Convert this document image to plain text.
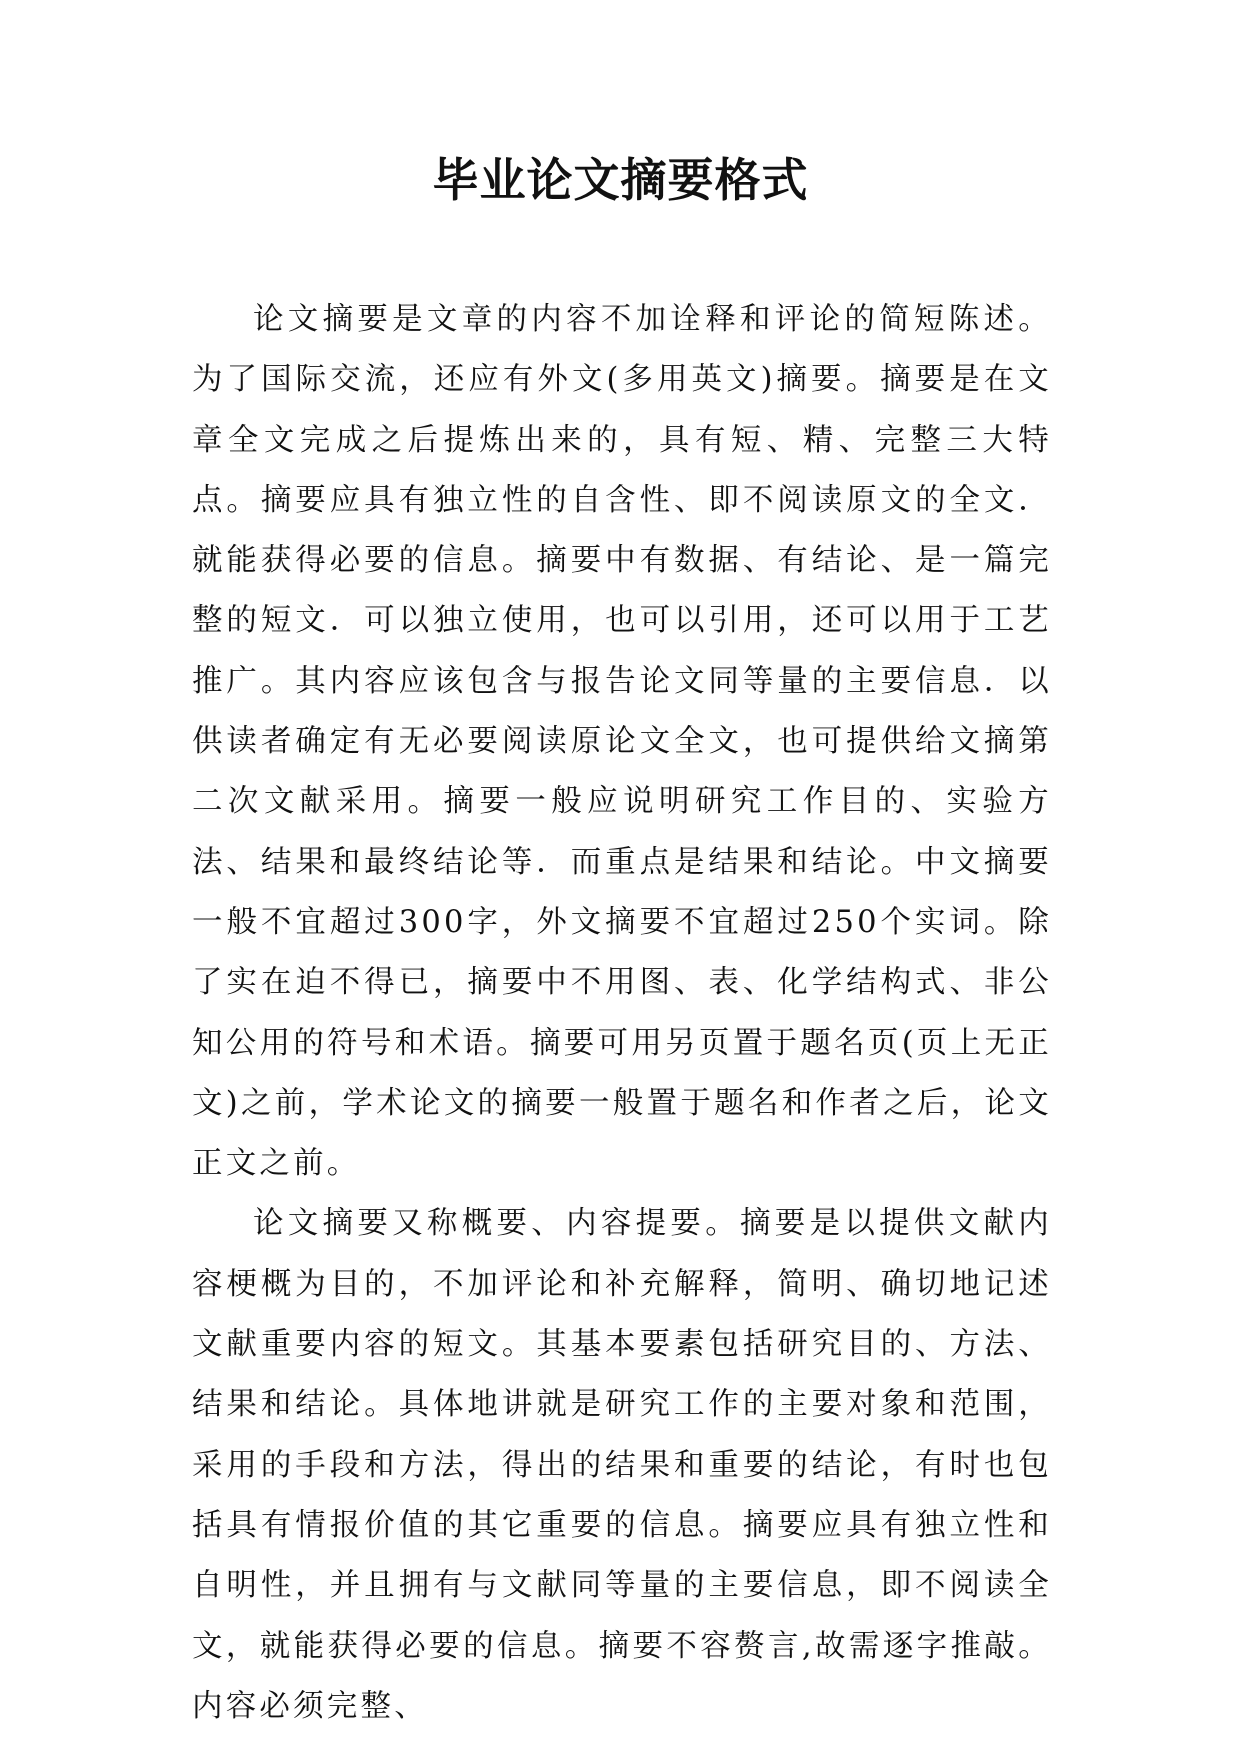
毕业论文摘要格式

论文摘要是文章的内容不加诠释和评论的简短陈述。为了国际交流，还应有外文(多用英文)摘要。摘要是在文章全文完成之后提炼出来的，具有短、精、完整三大特点。摘要应具有独立性的自含性、即不阅读原文的全文．就能获得必要的信息。摘要中有数据、有结论、是一篇完整的短文．可以独立使用，也可以引用，还可以用于工艺推广。其内容应该包含与报告论文同等量的主要信息．以供读者确定有无必要阅读原论文全文，也可提供给文摘第二次文献采用。摘要一般应说明研究工作目的、实验方法、结果和最终结论等．而重点是结果和结论。中文摘要一般不宜超过300字，外文摘要不宜超过250个实词。除了实在迫不得已，摘要中不用图、表、化学结构式、非公知公用的符号和术语。摘要可用另页置于题名页(页上无正文)之前，学术论文的摘要一般置于题名和作者之后，论文正文之前。

论文摘要又称概要、内容提要。摘要是以提供文献内容梗概为目的，不加评论和补充解释，简明、确切地记述文献重要内容的短文。其基本要素包括研究目的、方法、结果和结论。具体地讲就是研究工作的主要对象和范围，采用的手段和方法，得出的结果和重要的结论，有时也包括具有情报价值的其它重要的信息。摘要应具有独立性和自明性，并且拥有与文献同等量的主要信息，即不阅读全文，就能获得必要的信息。摘要不容赘言,故需逐字推敲。内容必须完整、
